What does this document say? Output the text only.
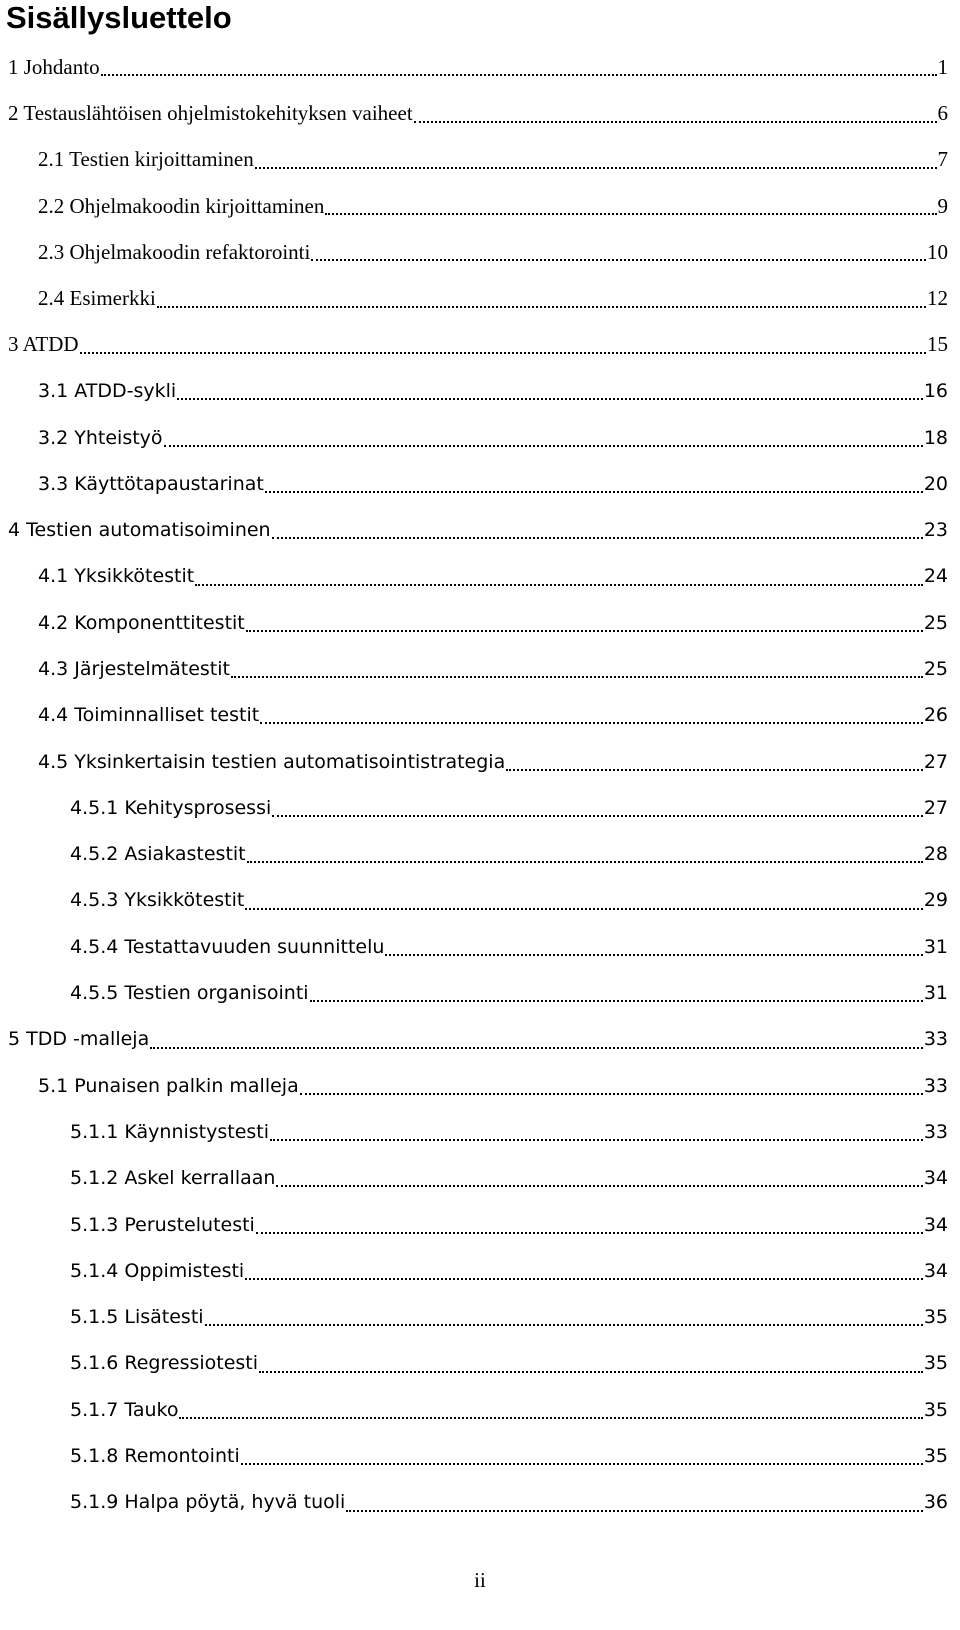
Sisällysluettelo
1 Johdanto	1
2 Testauslähtöisen ohjelmistokehityksen vaiheet	6
2.1 Testien kirjoittaminen	7
2.2 Ohjelmakoodin kirjoittaminen	9
2.3 Ohjelmakoodin refaktorointi	10
2.4 Esimerkki	12
3 ATDD	15
3.1 ATDD-sykli	16
3.2 Yhteistyö	18
3.3 Käyttötapaustarinat	20
4 Testien automatisoiminen	23
4.1 Yksikkötestit	24
4.2 Komponenttitestit	25
4.3 Järjestelmätestit	25
4.4 Toiminnalliset testit	26
4.5 Yksinkertaisin testien automatisointistrategia	27
4.5.1 Kehitysprosessi	27
4.5.2 Asiakastestit	28
4.5.3 Yksikkötestit	29
4.5.4 Testattavuuden suunnittelu	31
4.5.5 Testien organisointi	31
5 TDD -malleja	33
5.1 Punaisen palkin malleja	33
5.1.1 Käynnistystesti	33
5.1.2 Askel kerrallaan	34
5.1.3 Perustelutesti	34
5.1.4 Oppimistesti	34
5.1.5 Lisätesti	35
5.1.6 Regressiotesti	35
5.1.7 Tauko	35
5.1.8 Remontointi	35
5.1.9 Halpa pöytä, hyvä tuoli	36
ii
